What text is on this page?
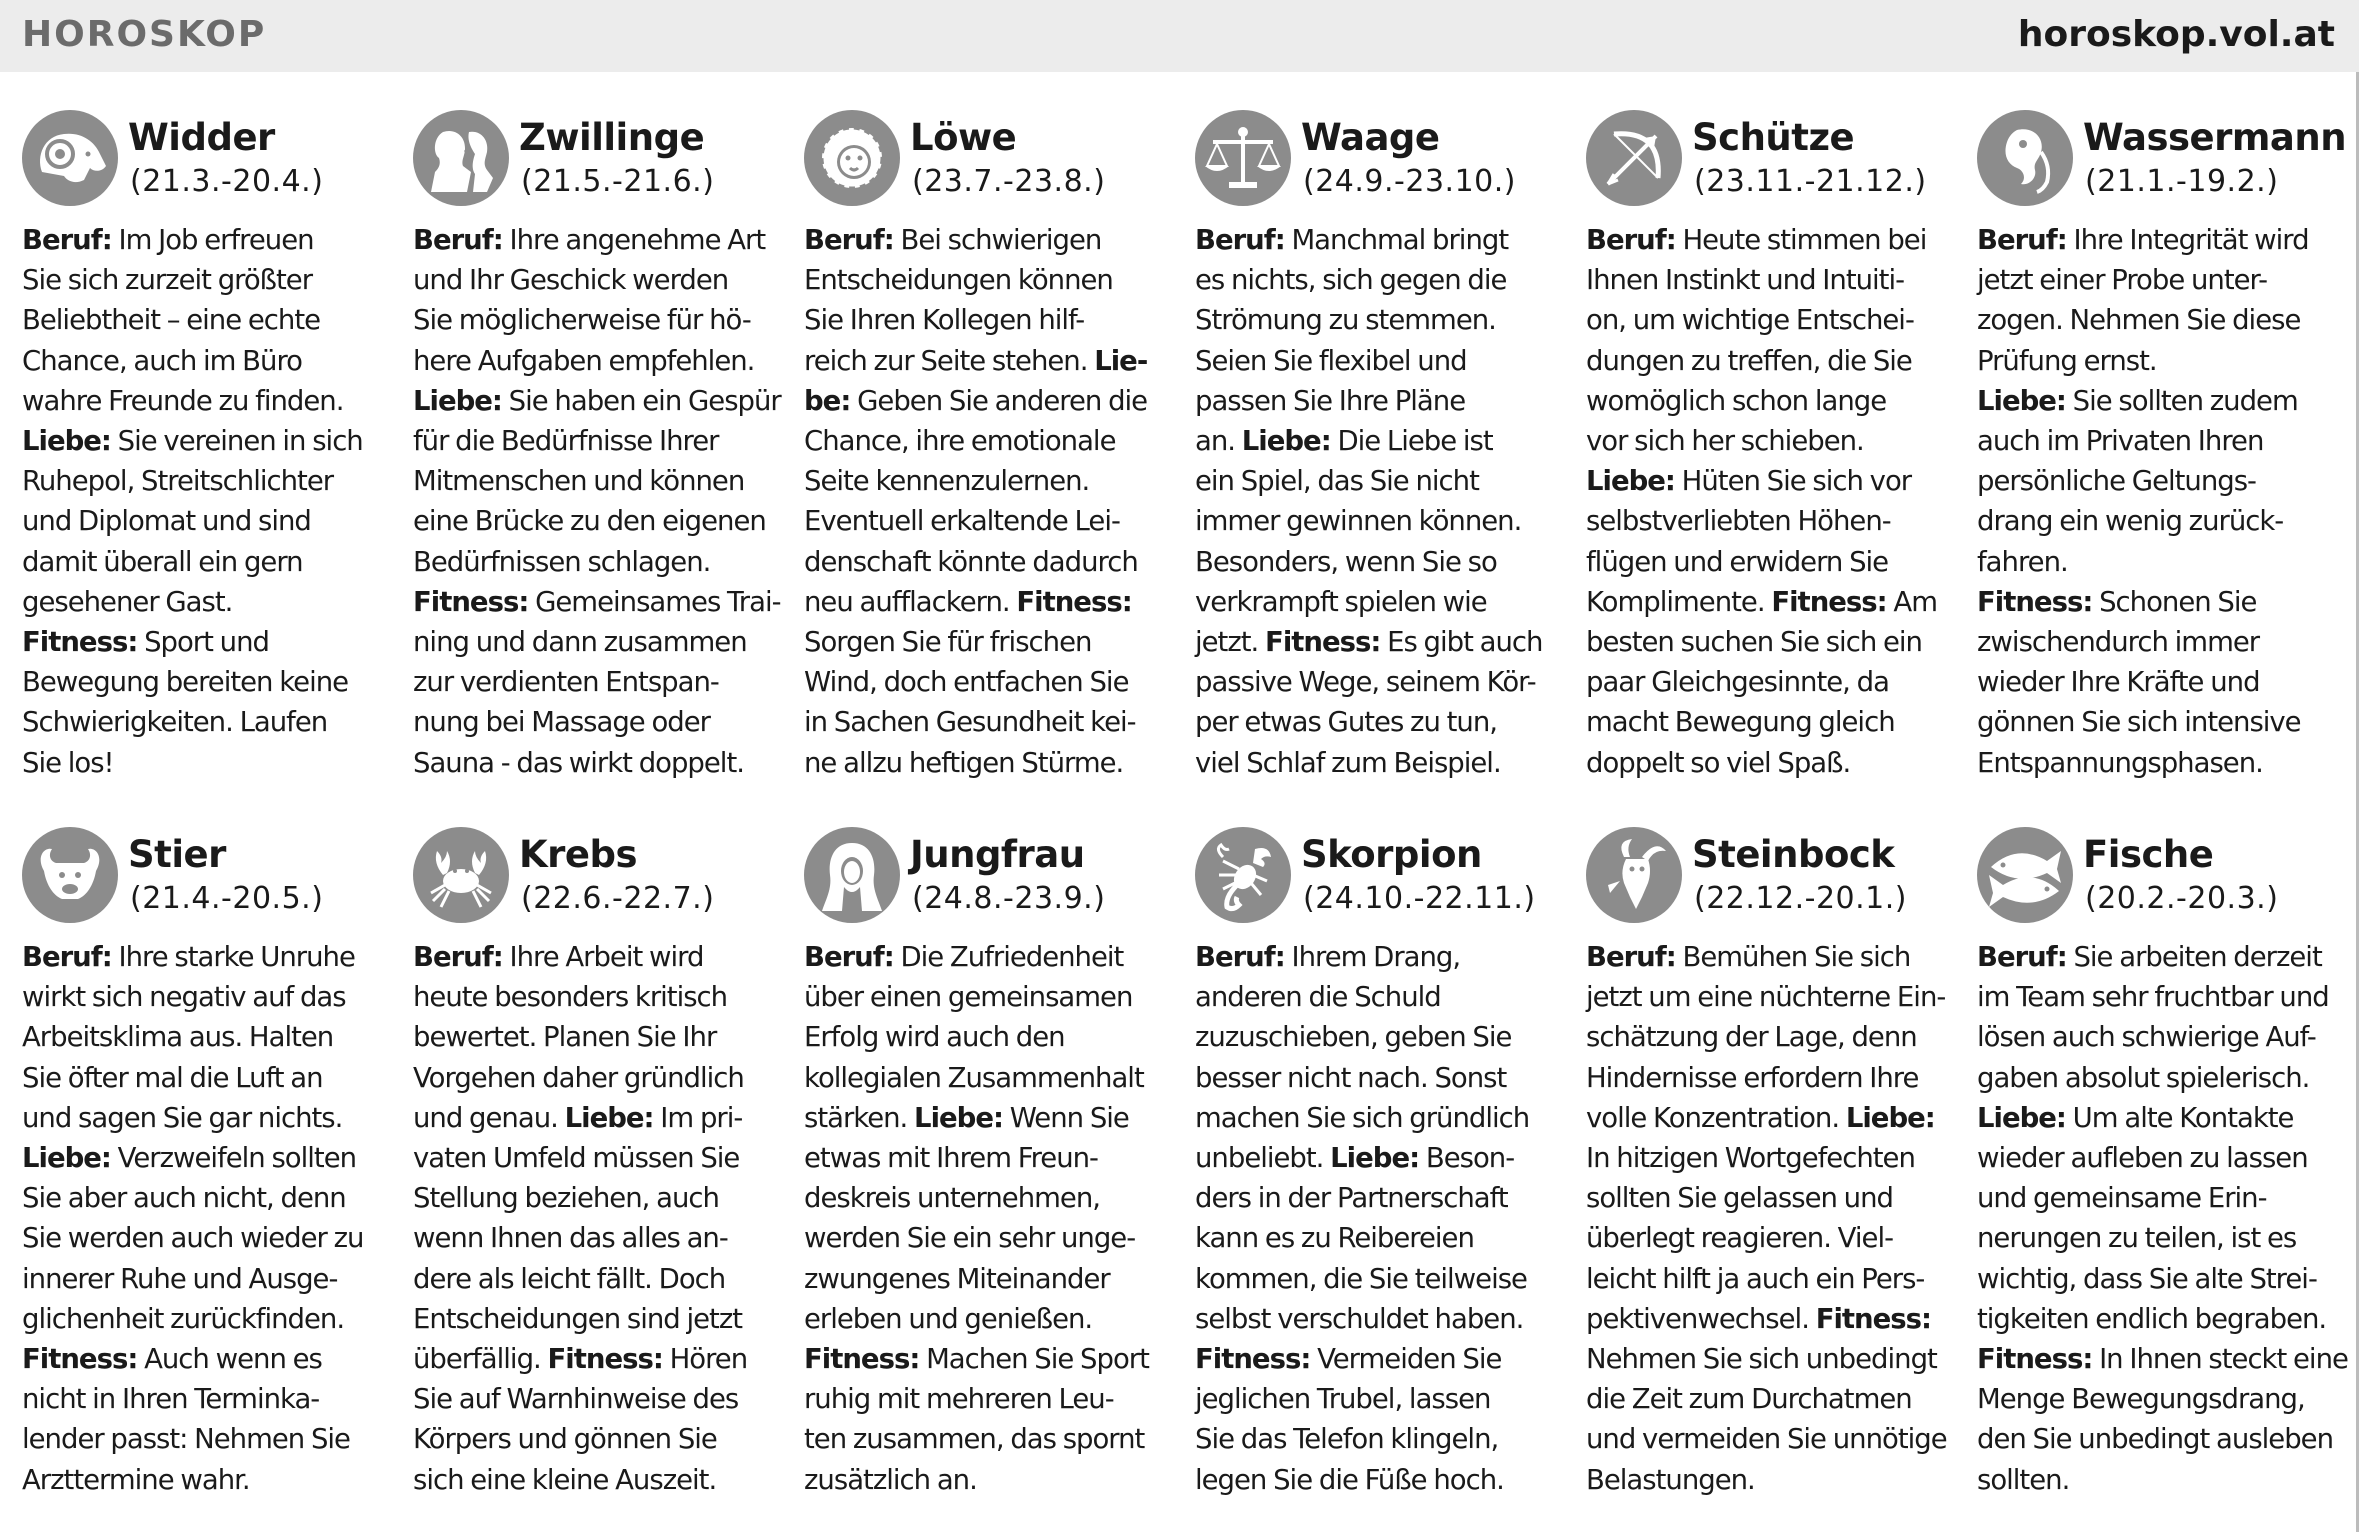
HOROSKOP	horoskop.vol.at
Widder
(21.3.-20.4.)
Beruf: Im Job erfreuen
Sie sich zurzeit größter
Beliebtheit – eine echte
Chance, auch im Büro
wahre Freunde zu finden.
Liebe: Sie vereinen in sich
Ruhepol, Streitschlichter
und Diplomat und sind
damit überall ein gern
gesehener Gast.
Fitness: Sport und
Bewegung bereiten keine
Schwierigkeiten. Laufen
Sie los!
Zwillinge
(21.5.-21.6.)
Beruf: Ihre angenehme Art
und Ihr Geschick werden
Sie möglicherweise für hö-
here Aufgaben empfehlen.
Liebe: Sie haben ein Gespür
für die Bedürfnisse Ihrer
Mitmenschen und können
eine Brücke zu den eigenen
Bedürfnissen schlagen.
Fitness: Gemeinsames Trai-
ning und dann zusammen
zur verdienten Entspan-
nung bei Massage oder
Sauna - das wirkt doppelt.
Löwe
(23.7.-23.8.)
Beruf: Bei schwierigen
Entscheidungen können
Sie Ihren Kollegen hilf-
reich zur Seite stehen. Lie-
be: Geben Sie anderen die
Chance, ihre emotionale
Seite kennenzulernen.
Eventuell erkaltende Lei-
denschaft könnte dadurch
neu aufflackern. Fitness:
Sorgen Sie für frischen
Wind, doch entfachen Sie
in Sachen Gesundheit kei-
ne allzu heftigen Stürme.
Waage
(24.9.-23.10.)
Beruf: Manchmal bringt
es nichts, sich gegen die
Strömung zu stemmen.
Seien Sie flexibel und
passen Sie Ihre Pläne
an. Liebe: Die Liebe ist
ein Spiel, das Sie nicht
immer gewinnen können.
Besonders, wenn Sie so
verkrampft spielen wie
jetzt. Fitness: Es gibt auch
passive Wege, seinem Kör-
per etwas Gutes zu tun,
viel Schlaf zum Beispiel.
Schütze
(23.11.-21.12.)
Beruf: Heute stimmen bei
Ihnen Instinkt und Intuiti-
on, um wichtige Entschei-
dungen zu treffen, die Sie
womöglich schon lange
vor sich her schieben.
Liebe: Hüten Sie sich vor
selbstverliebten Höhen-
flügen und erwidern Sie
Komplimente. Fitness: Am
besten suchen Sie sich ein
paar Gleichgesinnte, da
macht Bewegung gleich
doppelt so viel Spaß.
Wassermann
(21.1.-19.2.)
Beruf: Ihre Integrität wird
jetzt einer Probe unter-
zogen. Nehmen Sie diese
Prüfung ernst.
Liebe: Sie sollten zudem
auch im Privaten Ihren
persönliche Geltungs-
drang ein wenig zurück-
fahren.
Fitness: Schonen Sie
zwischendurch immer
wieder Ihre Kräfte und
gönnen Sie sich intensive
Entspannungsphasen.
Stier
(21.4.-20.5.)
Beruf: Ihre starke Unruhe
wirkt sich negativ auf das
Arbeitsklima aus. Halten
Sie öfter mal die Luft an
und sagen Sie gar nichts.
Liebe: Verzweifeln sollten
Sie aber auch nicht, denn
Sie werden auch wieder zu
innerer Ruhe und Ausge-
glichenheit zurückfinden.
Fitness: Auch wenn es
nicht in Ihren Terminka-
lender passt: Nehmen Sie
Arzttermine wahr.
Krebs
(22.6.-22.7.)
Beruf: Ihre Arbeit wird
heute besonders kritisch
bewertet. Planen Sie Ihr
Vorgehen daher gründlich
und genau. Liebe: Im pri-
vaten Umfeld müssen Sie
Stellung beziehen, auch
wenn Ihnen das alles an-
dere als leicht fällt. Doch
Entscheidungen sind jetzt
überfällig. Fitness: Hören
Sie auf Warnhinweise des
Körpers und gönnen Sie
sich eine kleine Auszeit.
Jungfrau
(24.8.-23.9.)
Beruf: Die Zufriedenheit
über einen gemeinsamen
Erfolg wird auch den
kollegialen Zusammenhalt
stärken. Liebe: Wenn Sie
etwas mit Ihrem Freun-
deskreis unternehmen,
werden Sie ein sehr unge-
zwungenes Miteinander
erleben und genießen.
Fitness: Machen Sie Sport
ruhig mit mehreren Leu-
ten zusammen, das spornt
zusätzlich an.
Skorpion
(24.10.-22.11.)
Beruf: Ihrem Drang,
anderen die Schuld
zuzuschieben, geben Sie
besser nicht nach. Sonst
machen Sie sich gründlich
unbeliebt. Liebe: Beson-
ders in der Partnerschaft
kann es zu Reibereien
kommen, die Sie teilweise
selbst verschuldet haben.
Fitness: Vermeiden Sie
jeglichen Trubel, lassen
Sie das Telefon klingeln,
legen Sie die Füße hoch.
Steinbock
(22.12.-20.1.)
Beruf: Bemühen Sie sich
jetzt um eine nüchterne Ein-
schätzung der Lage, denn
Hindernisse erfordern Ihre
volle Konzentration. Liebe:
In hitzigen Wortgefechten
sollten Sie gelassen und
überlegt reagieren. Viel-
leicht hilft ja auch ein Pers-
pektivenwechsel. Fitness:
Nehmen Sie sich unbedingt
die Zeit zum Durchatmen
und vermeiden Sie unnötige
Belastungen.
Fische
(20.2.-20.3.)
Beruf: Sie arbeiten derzeit
im Team sehr fruchtbar und
lösen auch schwierige Auf-
gaben absolut spielerisch.
Liebe: Um alte Kontakte
wieder aufleben zu lassen
und gemeinsame Erin-
nerungen zu teilen, ist es
wichtig, dass Sie alte Strei-
tigkeiten endlich begraben.
Fitness: In Ihnen steckt eine
Menge Bewegungsdrang,
den Sie unbedingt ausleben
sollten.
